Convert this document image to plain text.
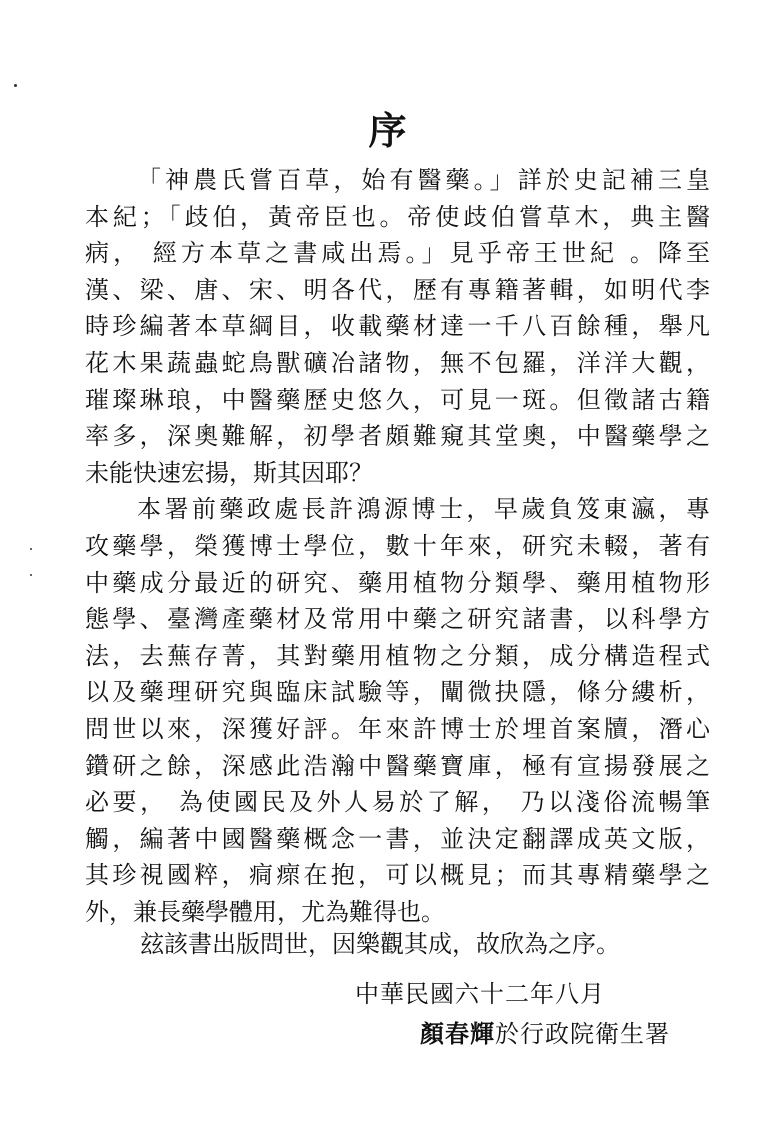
序
「神農氏嘗百草，始有醫藥。」詳於史記補三皇
本紀；「歧伯，黃帝臣也。帝使歧伯嘗草木，典主醫
病， 經方本草之書咸出焉。」見乎帝王世紀 。降至
漢、梁、唐、宋、明各代，歷有專籍著輯，如明代李
時珍編著本草綱目，收載藥材達一千八百餘種，舉凡
花木果蔬蟲蛇鳥獸礦冶諸物，無不包羅，洋洋大觀，
璀璨琳琅，中醫藥歷史悠久，可見一斑。但徵諸古籍
率多，深奧難解，初學者頗難窺其堂奧，中醫藥學之
未能快速宏揚，斯其因耶？
本署前藥政處長許鴻源博士，早歲負笈東瀛，專
攻藥學，榮獲博士學位，數十年來，研究未輟，著有
中藥成分最近的研究、藥用植物分類學、藥用植物形
態學、臺灣產藥材及常用中藥之研究諸書，以科學方
法，去蕪存菁，其對藥用植物之分類，成分構造程式
以及藥理研究與臨床試驗等，闡微抉隱，條分縷析，
問世以來，深獲好評。年來許博士於埋首案牘，潛心
鑽研之餘，深感此浩瀚中醫藥寶庫，極有宣揚發展之
必要， 為使國民及外人易於了解， 乃以淺俗流暢筆
觸，編著中國醫藥概念一書，並決定翻譯成英文版，
其珍視國粹，痌瘝在抱，可以概見；而其專精藥學之
外，兼長藥學體用，尤為難得也。
玆該書出版問世，因樂觀其成，故欣為之序。
中華民國六十二年八月
顏春輝於行政院衛生署
